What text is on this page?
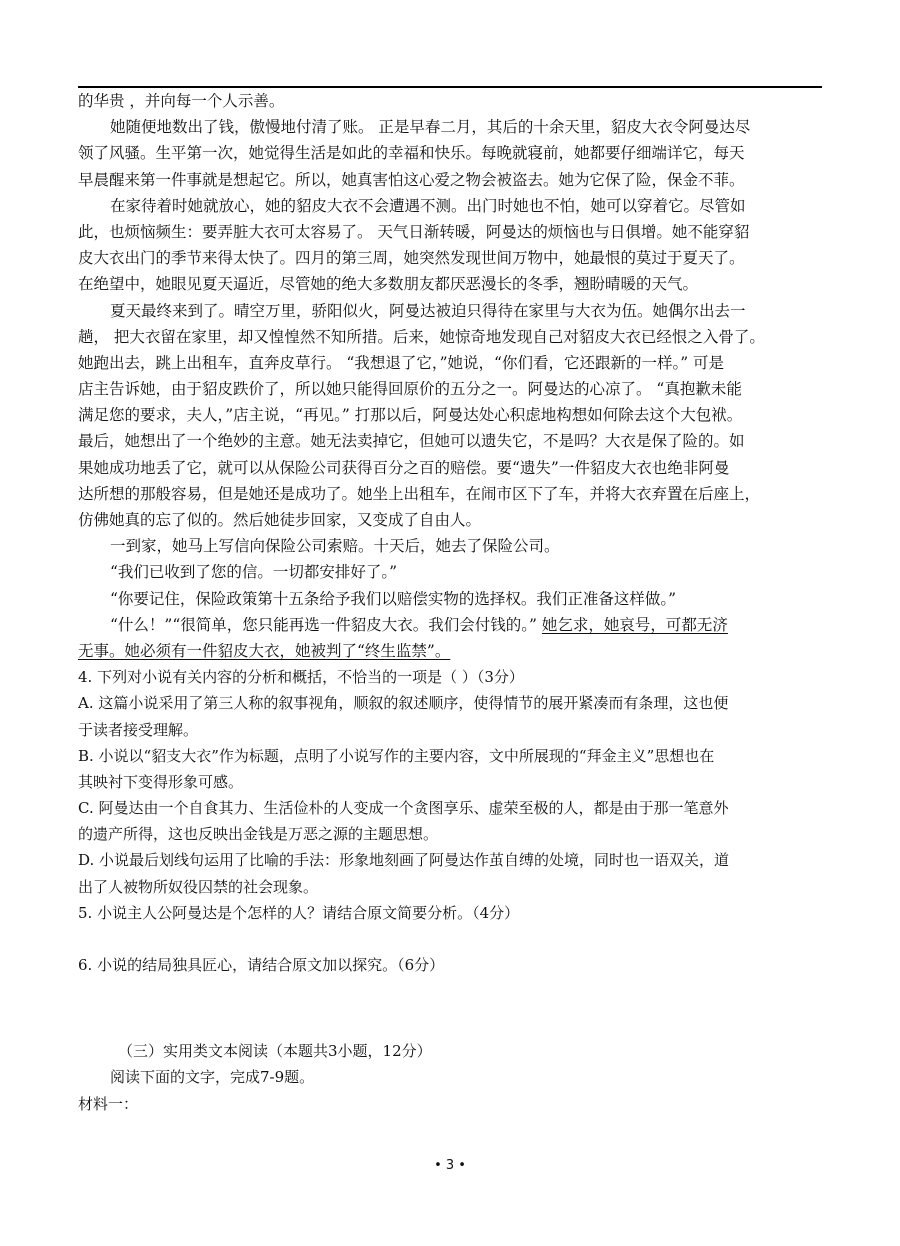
的华贵 ，并向每一个人示善。
她随便地数出了钱，傲慢地付清了账。 正是早春二月，其后的十余天里，貂皮大衣令阿曼达尽
领了风骚。生平第一次，她觉得生活是如此的幸福和快乐。每晚就寝前，她都要仔细端详它，每天
早晨醒来第一件事就是想起它。所以，她真害怕这心爱之物会被盗去。她为它保了险，保金不菲。
在家待着时她就放心，她的貂皮大衣不会遭遇不测。出门时她也不怕，她可以穿着它。尽管如
此，也烦恼频生：要弄脏大衣可太容易了。 天气日渐转暖，阿曼达的烦恼也与日俱增。她不能穿貂
皮大衣出门的季节来得太快了。四月的第三周，她突然发现世间万物中，她最恨的莫过于夏天了。
在绝望中，她眼见夏天逼近，尽管她的绝大多数朋友都厌恶漫长的冬季，翘盼晴暖的天气。
夏天最终来到了。晴空万里，骄阳似火，阿曼达被迫只得待在家里与大衣为伍。她偶尔出去一
趟， 把大衣留在家里，却又惶惶然不知所措。后来，她惊奇地发现自己对貂皮大衣已经恨之入骨了。
她跑出去，跳上出租车，直奔皮草行。 “我想退了它，”她说，“你们看，它还跟新的一样。” 可是
店主告诉她，由于貂皮跌价了，所以她只能得回原价的五分之一。阿曼达的心凉了。 “真抱歉未能
满足您的要求，夫人，”店主说，“再见。” 打那以后，阿曼达处心积虑地构想如何除去这个大包袱。
最后，她想出了一个绝妙的主意。她无法卖掉它，但她可以遗失它，不是吗？大衣是保了险的。如
果她成功地丢了它，就可以从保险公司获得百分之百的赔偿。要“遗失”一件貂皮大衣也绝非阿曼
达所想的那般容易，但是她还是成功了。她坐上出租车，在闹市区下了车，并将大衣弃置在后座上，
仿佛她真的忘了似的。然后她徒步回家，又变成了自由人。
一到家，她马上写信向保险公司索赔。十天后，她去了保险公司。
“我们已收到了您的信。一切都安排好了。”
“你要记住，保险政策第十五条给予我们以赔偿实物的选择权。我们正准备这样做。”
“什么！”“很简单，您只能再选一件貂皮大衣。我们会付钱的。” 她乞求，她哀号，可都无济
无事。她必须有一件貂皮大衣，她被判了“终生监禁”。
4. 下列对小说有关内容的分析和概括，不恰当的一项是（ ）（3分）
A. 这篇小说采用了第三人称的叙事视角，顺叙的叙述顺序，使得情节的展开紧凑而有条理，这也便
于读者接受理解。
B. 小说以“貂支大衣”作为标题，点明了小说写作的主要内容，文中所展现的“拜金主义”思想也在
其映衬下变得形象可感。
C. 阿曼达由一个自食其力、生活俭朴的人变成一个贪图享乐、虚荣至极的人，都是由于那一笔意外
的遗产所得，这也反映出金钱是万恶之源的主题思想。
D. 小说最后划线句运用了比喻的手法：形象地刻画了阿曼达作茧自缚的处境，同时也一语双关，道
出了人被物所奴役囚禁的社会现象。
5. 小说主人公阿曼达是个怎样的人？请结合原文简要分析。（4分）
6. 小说的结局独具匠心，请结合原文加以探究。（6分）
（三）实用类文本阅读（本题共3小题，12分）
阅读下面的文字，完成7-9题。
材料一：
• 3 •
